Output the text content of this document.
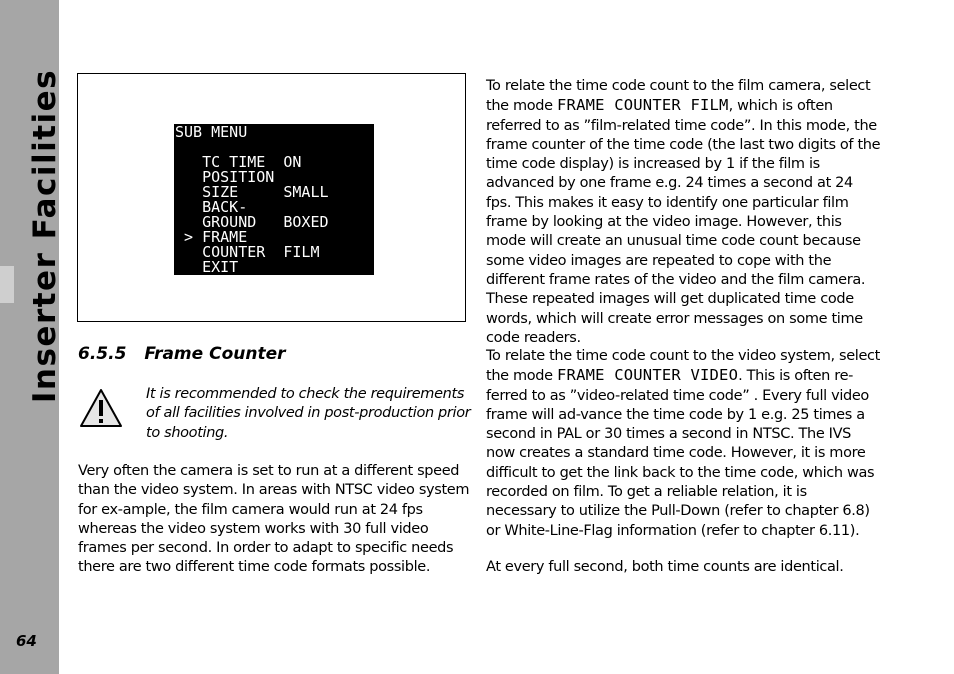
Inserter Facilities
64
SUB MENU
TC TIME  ON
POSITION
SIZE     SMALL
BACK-
GROUND   BOXED
> FRAME
COUNTER  FILM
EXIT
6.5.5 Frame Counter
It is recommended to check the requirements of all facilities involved in post-production prior to shooting.
Very often the camera is set to run at a different speed than the video system. In areas with NTSC video system for ex-ample, the film camera would run at 24 fps whereas the video system works with 30 full video frames per second. In order to adapt to specific needs there are two different time code formats possible.
To relate the time code count to the film camera, select the mode FRAME COUNTER FILM, which is often referred to as ”film-related time code”. In this mode, the frame counter of the time code (the last two digits of the time code display) is increased by 1 if the film is advanced by one frame e.g. 24 times a second at 24 fps. This makes it easy to identify one particular film frame by looking at the video image. However, this mode will create an unusual time code count because some video images are repeated to cope with the different frame rates of the video and the film camera. These repeated images will get duplicated time code words, which will create error messages on some time code readers.
To relate the time code count to the video system, select the mode FRAME COUNTER VIDEO. This is often re-ferred to as ”video-related time code” . Every full video frame will ad-vance the time code by 1 e.g. 25 times a second in PAL or 30 times a second in NTSC. The IVS now creates a standard time code. However, it is more difficult to get the link back to the time code, which was recorded on film. To get a reliable relation, it is necessary to utilize the Pull-Down (refer to chapter 6.8) or White-Line-Flag information (refer to chapter 6.11).
At every full second, both time counts are identical.
